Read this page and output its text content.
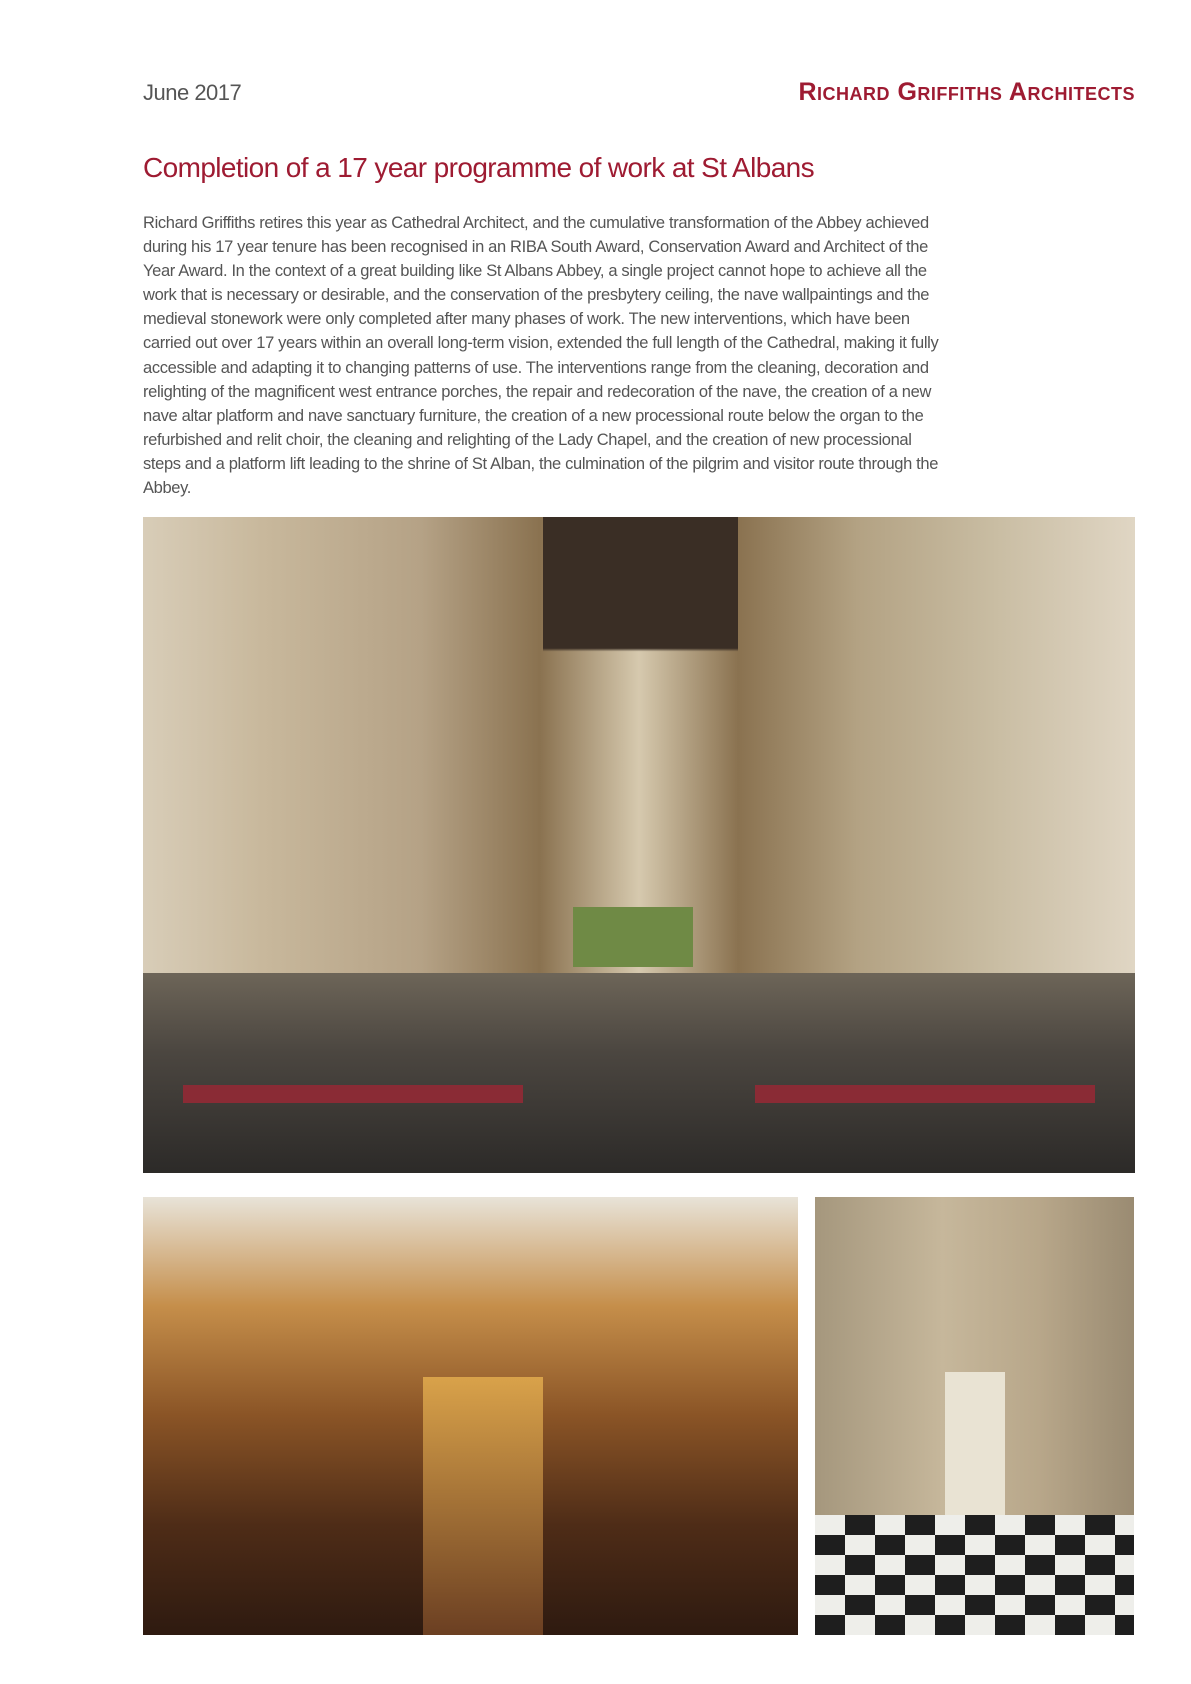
June 2017	Richard Griffiths Architects
Completion of a 17 year programme of work at St Albans
Richard Griffiths retires this year as Cathedral Architect, and the cumulative transformation of the Abbey achieved
during his 17 year tenure has been recognised in an RIBA South Award, Conservation Award and Architect of the
Year Award. In the context of a great building like St Albans Abbey, a single project cannot hope to achieve all the
work that is necessary or desirable, and the conservation of the presbytery ceiling, the nave wallpaintings and the
medieval stonework were only completed after many phases of work. The new interventions, which have been
carried out over 17 years within an overall long-term vision, extended the full length of the Cathedral, making it fully
accessible and adapting it to changing patterns of use. The interventions range from the cleaning, decoration and
relighting of the magnificent west entrance porches, the repair and redecoration of the nave, the creation of a new
nave altar platform and nave sanctuary furniture, the creation of a new processional route below the organ to the
refurbished and relit choir, the cleaning and relighting of the Lady Chapel, and the creation of new processional
steps and a platform lift leading to the shrine of St Alban, the culmination of the pilgrim and visitor route through the
Abbey.
